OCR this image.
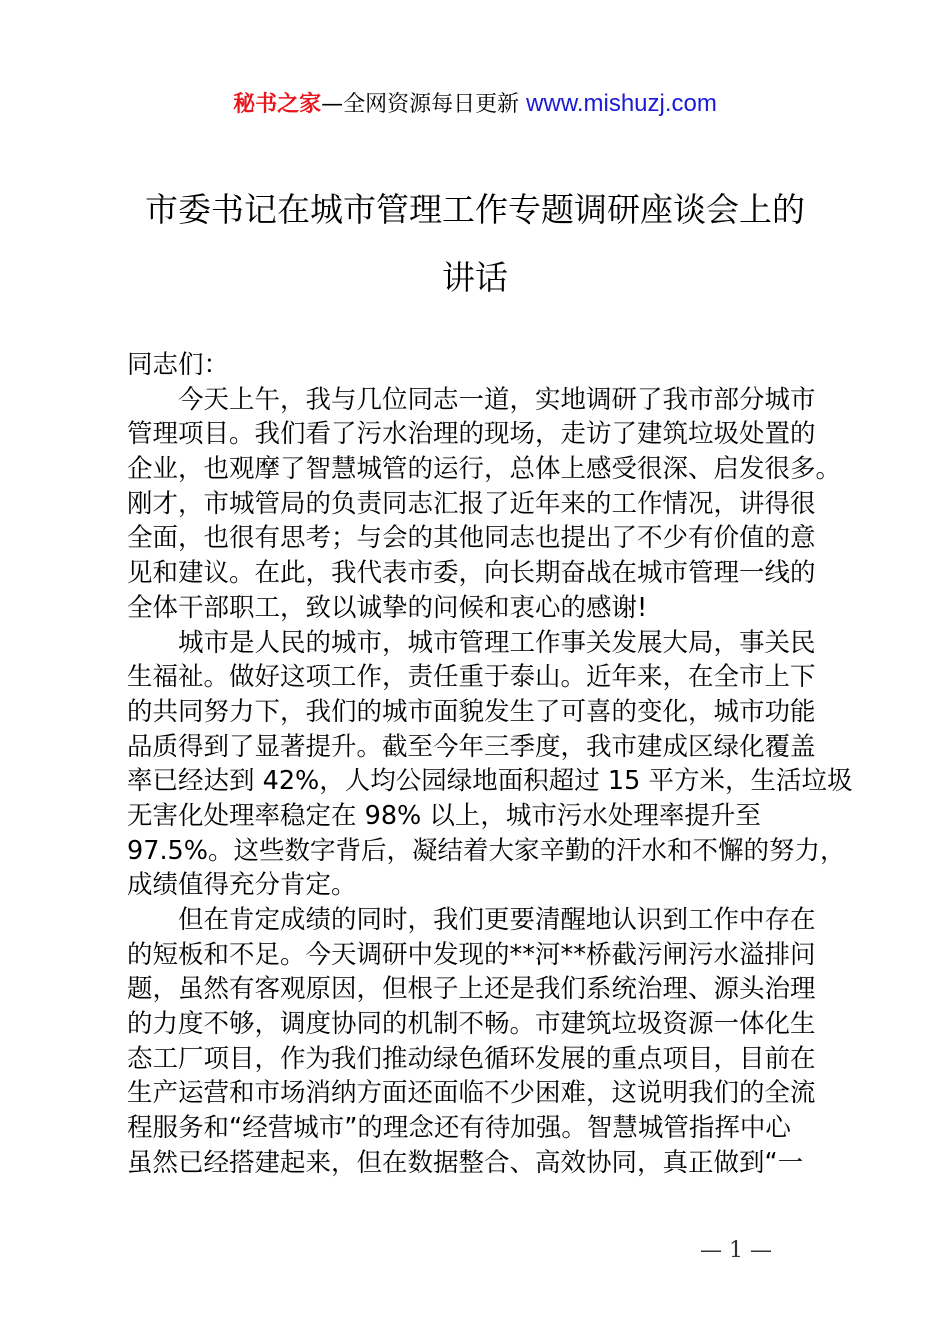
秘书之家—全网资源每日更新 www.mishuzj.com
市委书记在城市管理工作专题调研座谈会上的
讲话
同志们：
今天上午，我与几位同志一道，实地调研了我市部分城市
管理项目。我们看了污水治理的现场，走访了建筑垃圾处置的
企业，也观摩了智慧城管的运行，总体上感受很深、启发很多。
刚才，市城管局的负责同志汇报了近年来的工作情况，讲得很
全面，也很有思考；与会的其他同志也提出了不少有价值的意
见和建议。在此，我代表市委，向长期奋战在城市管理一线的
全体干部职工，致以诚挚的问候和衷心的感谢!
城市是人民的城市，城市管理工作事关发展大局，事关民
生福祉。做好这项工作，责任重于泰山。近年来，在全市上下
的共同努力下，我们的城市面貌发生了可喜的变化，城市功能
品质得到了显著提升。截至今年三季度，我市建成区绿化覆盖
率已经达到 42%，人均公园绿地面积超过 15 平方米，生活垃圾
无害化处理率稳定在 98% 以上，城市污水处理率提升至
97.5%。这些数字背后，凝结着大家辛勤的汗水和不懈的努力，
成绩值得充分肯定。
但在肯定成绩的同时，我们更要清醒地认识到工作中存在
的短板和不足。今天调研中发现的**河**桥截污闸污水溢排问
题，虽然有客观原因，但根子上还是我们系统治理、源头治理
的力度不够，调度协同的机制不畅。市建筑垃圾资源一体化生
态工厂项目，作为我们推动绿色循环发展的重点项目，目前在
生产运营和市场消纳方面还面临不少困难，这说明我们的全流
程服务和“经营城市”的理念还有待加强。智慧城管指挥中心
虽然已经搭建起来，但在数据整合、高效协同，真正做到“一
— 1 —
